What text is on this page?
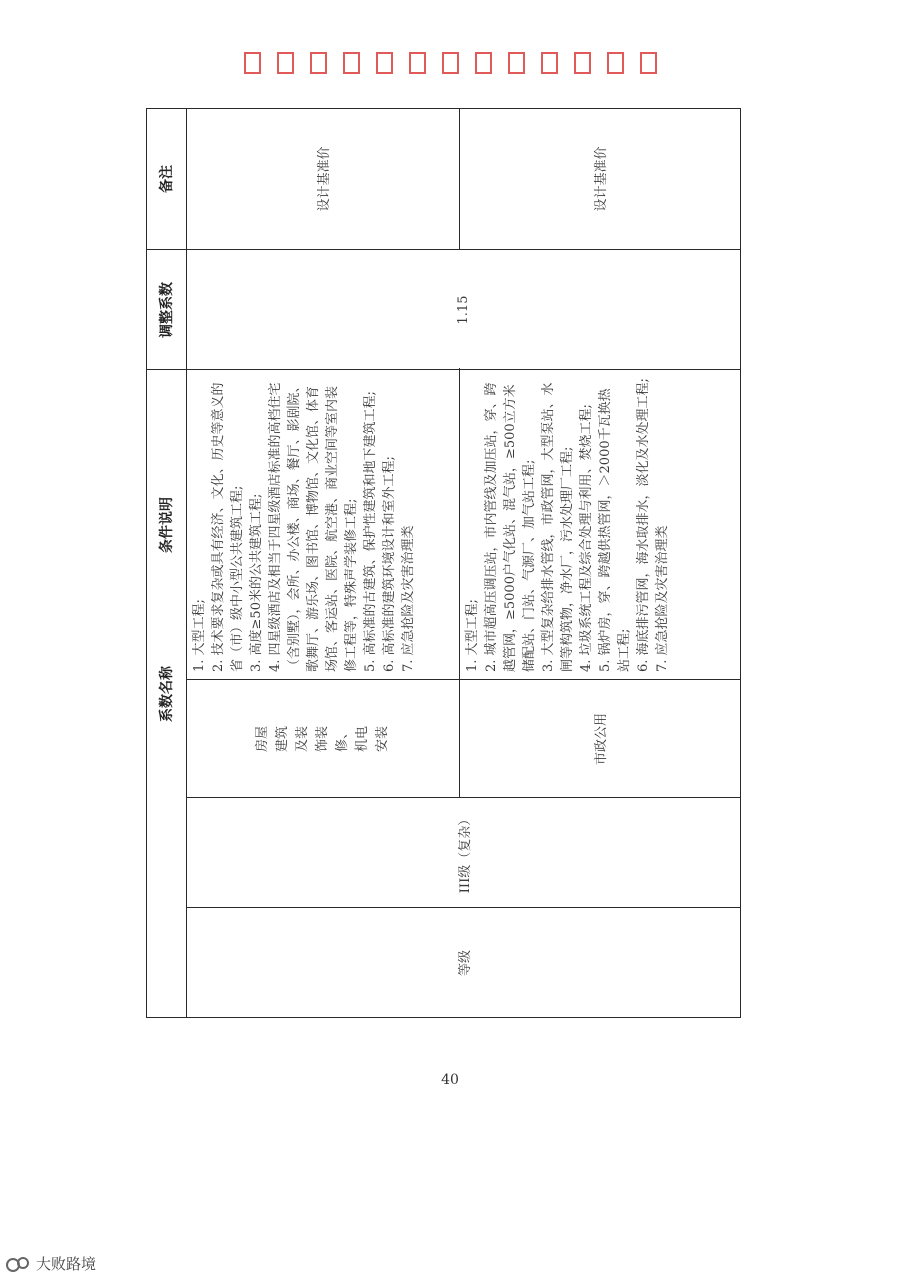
系数名称
条件说明
调整系数
备注
等级
III级（复杂）
房屋建筑及装饰装修、机电安装
1. 大型工程; 2. 技术要求复杂或具有经济、文化、历史等意义的省（市）级中小型公共建筑工程; 3. 高度≥50米的公共建筑工程; 4. 四星级酒店及相当于四星级酒店标准的高档住宅（含别墅），会所、办公楼、商场、餐厅、影剧院、歌舞厅、游乐场、图书馆、博物馆、文化馆、体育场馆、客运站、医院、航空港、商业空间等室内装修工程等，特殊声学装修工程; 5. 高标准的古建筑、保护性建筑和地下建筑工程; 6. 高标准的建筑环境设计和室外工程; 7. 应急抢险及灾害治理类
设计基准价
市政公用
1. 大型工程; 2. 城市超高压调压站，市内管线及加压站，穿、跨越管网，≥5000户气化站、混气站，≥500立方米储配站、门站、气源厂、加气站工程; 3. 大型复杂给排水管线，市政管网，大型泵站、水闸等构筑物，净水厂，污水处理厂工程; 4. 垃圾系统工程及综合处理与利用、焚烧工程; 5. 锅炉房，穿、跨越供热管网，＞2000千瓦换热站工程; 6. 海底排污管网，海水取排水，淡化及水处理工程; 7. 应急抢险及灾害治理类
设计基准价
1.15
40
大败路境
